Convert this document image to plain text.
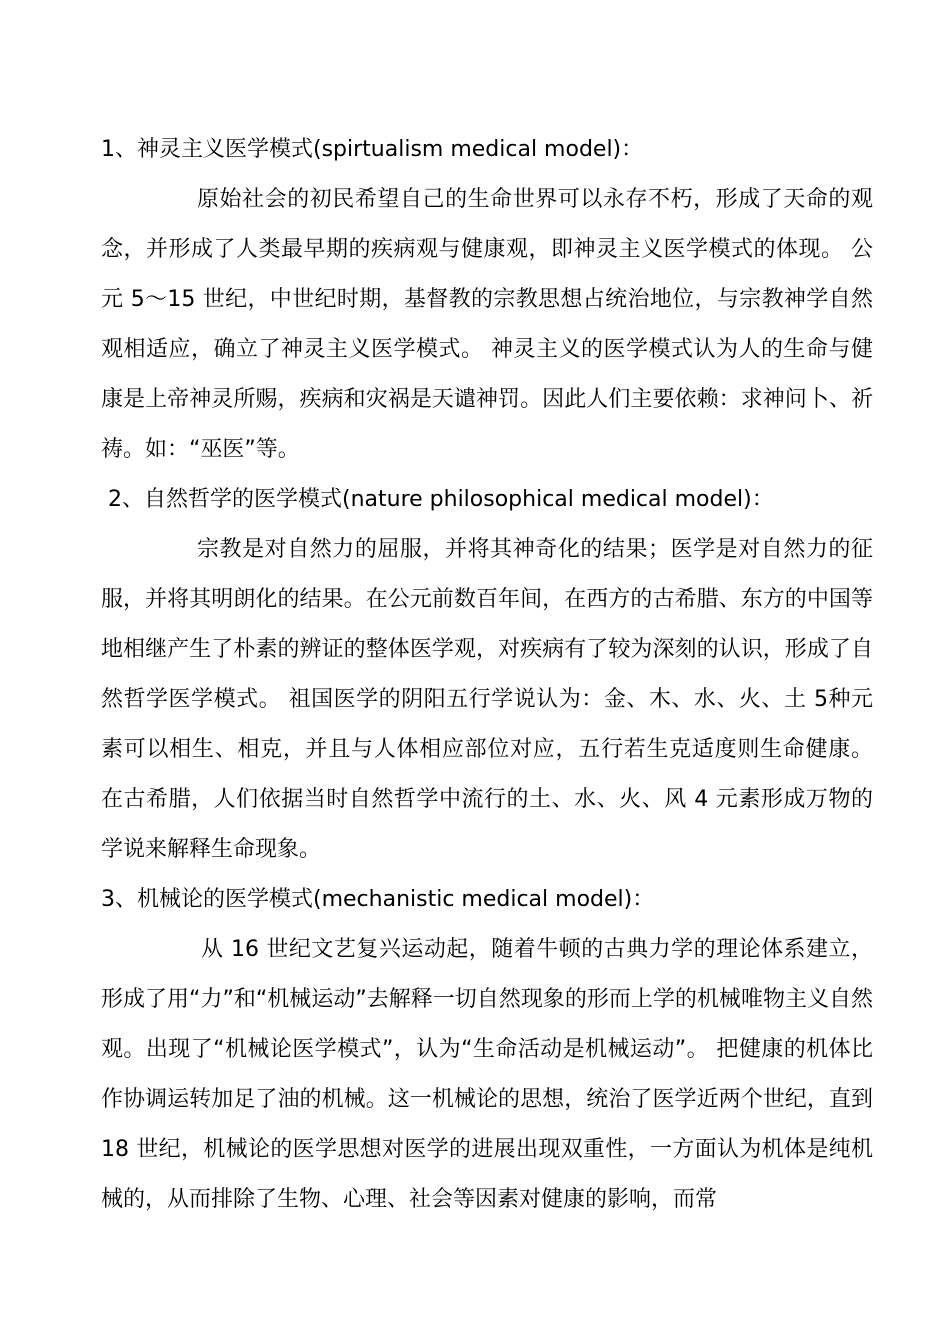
1、神灵主义医学模式(spirtualism medical model)：

原始社会的初民希望自己的生命世界可以永存不朽，形成了天命的观念，并形成了人类最早期的疾病观与健康观，即神灵主义医学模式的体现。 公元 5～15 世纪，中世纪时期，基督教的宗教思想占统治地位，与宗教神学自然观相适应，确立了神灵主义医学模式。 神灵主义的医学模式认为人的生命与健康是上帝神灵所赐，疾病和灾祸是天谴神罚。因此人们主要依赖：求神问卜、祈祷。如：“巫医”等。

2、自然哲学的医学模式(nature philosophical medical model)：

宗教是对自然力的屈服，并将其神奇化的结果；医学是对自然力的征服，并将其明朗化的结果。在公元前数百年间，在西方的古希腊、东方的中国等地相继产生了朴素的辨证的整体医学观，对疾病有了较为深刻的认识，形成了自然哲学医学模式。 祖国医学的阴阳五行学说认为：金、木、水、火、土 5种元素可以相生、相克，并且与人体相应部位对应，五行若生克适度则生命健康。 在古希腊，人们依据当时自然哲学中流行的土、水、火、风 4 元素形成万物的学说来解释生命现象。

3、机械论的医学模式(mechanistic medical model)：

从 16 世纪文艺复兴运动起，随着牛顿的古典力学的理论体系建立，形成了用“力”和“机械运动”去解释一切自然现象的形而上学的机械唯物主义自然观。出现了“机械论医学模式”，认为“生命活动是机械运动”。 把健康的机体比作协调运转加足了油的机械。这一机械论的思想，统治了医学近两个世纪，直到 18 世纪，机械论的医学思想对医学的进展出现双重性，一方面认为机体是纯机械的，从而排除了生物、心理、社会等因素对健康的影响，而常
